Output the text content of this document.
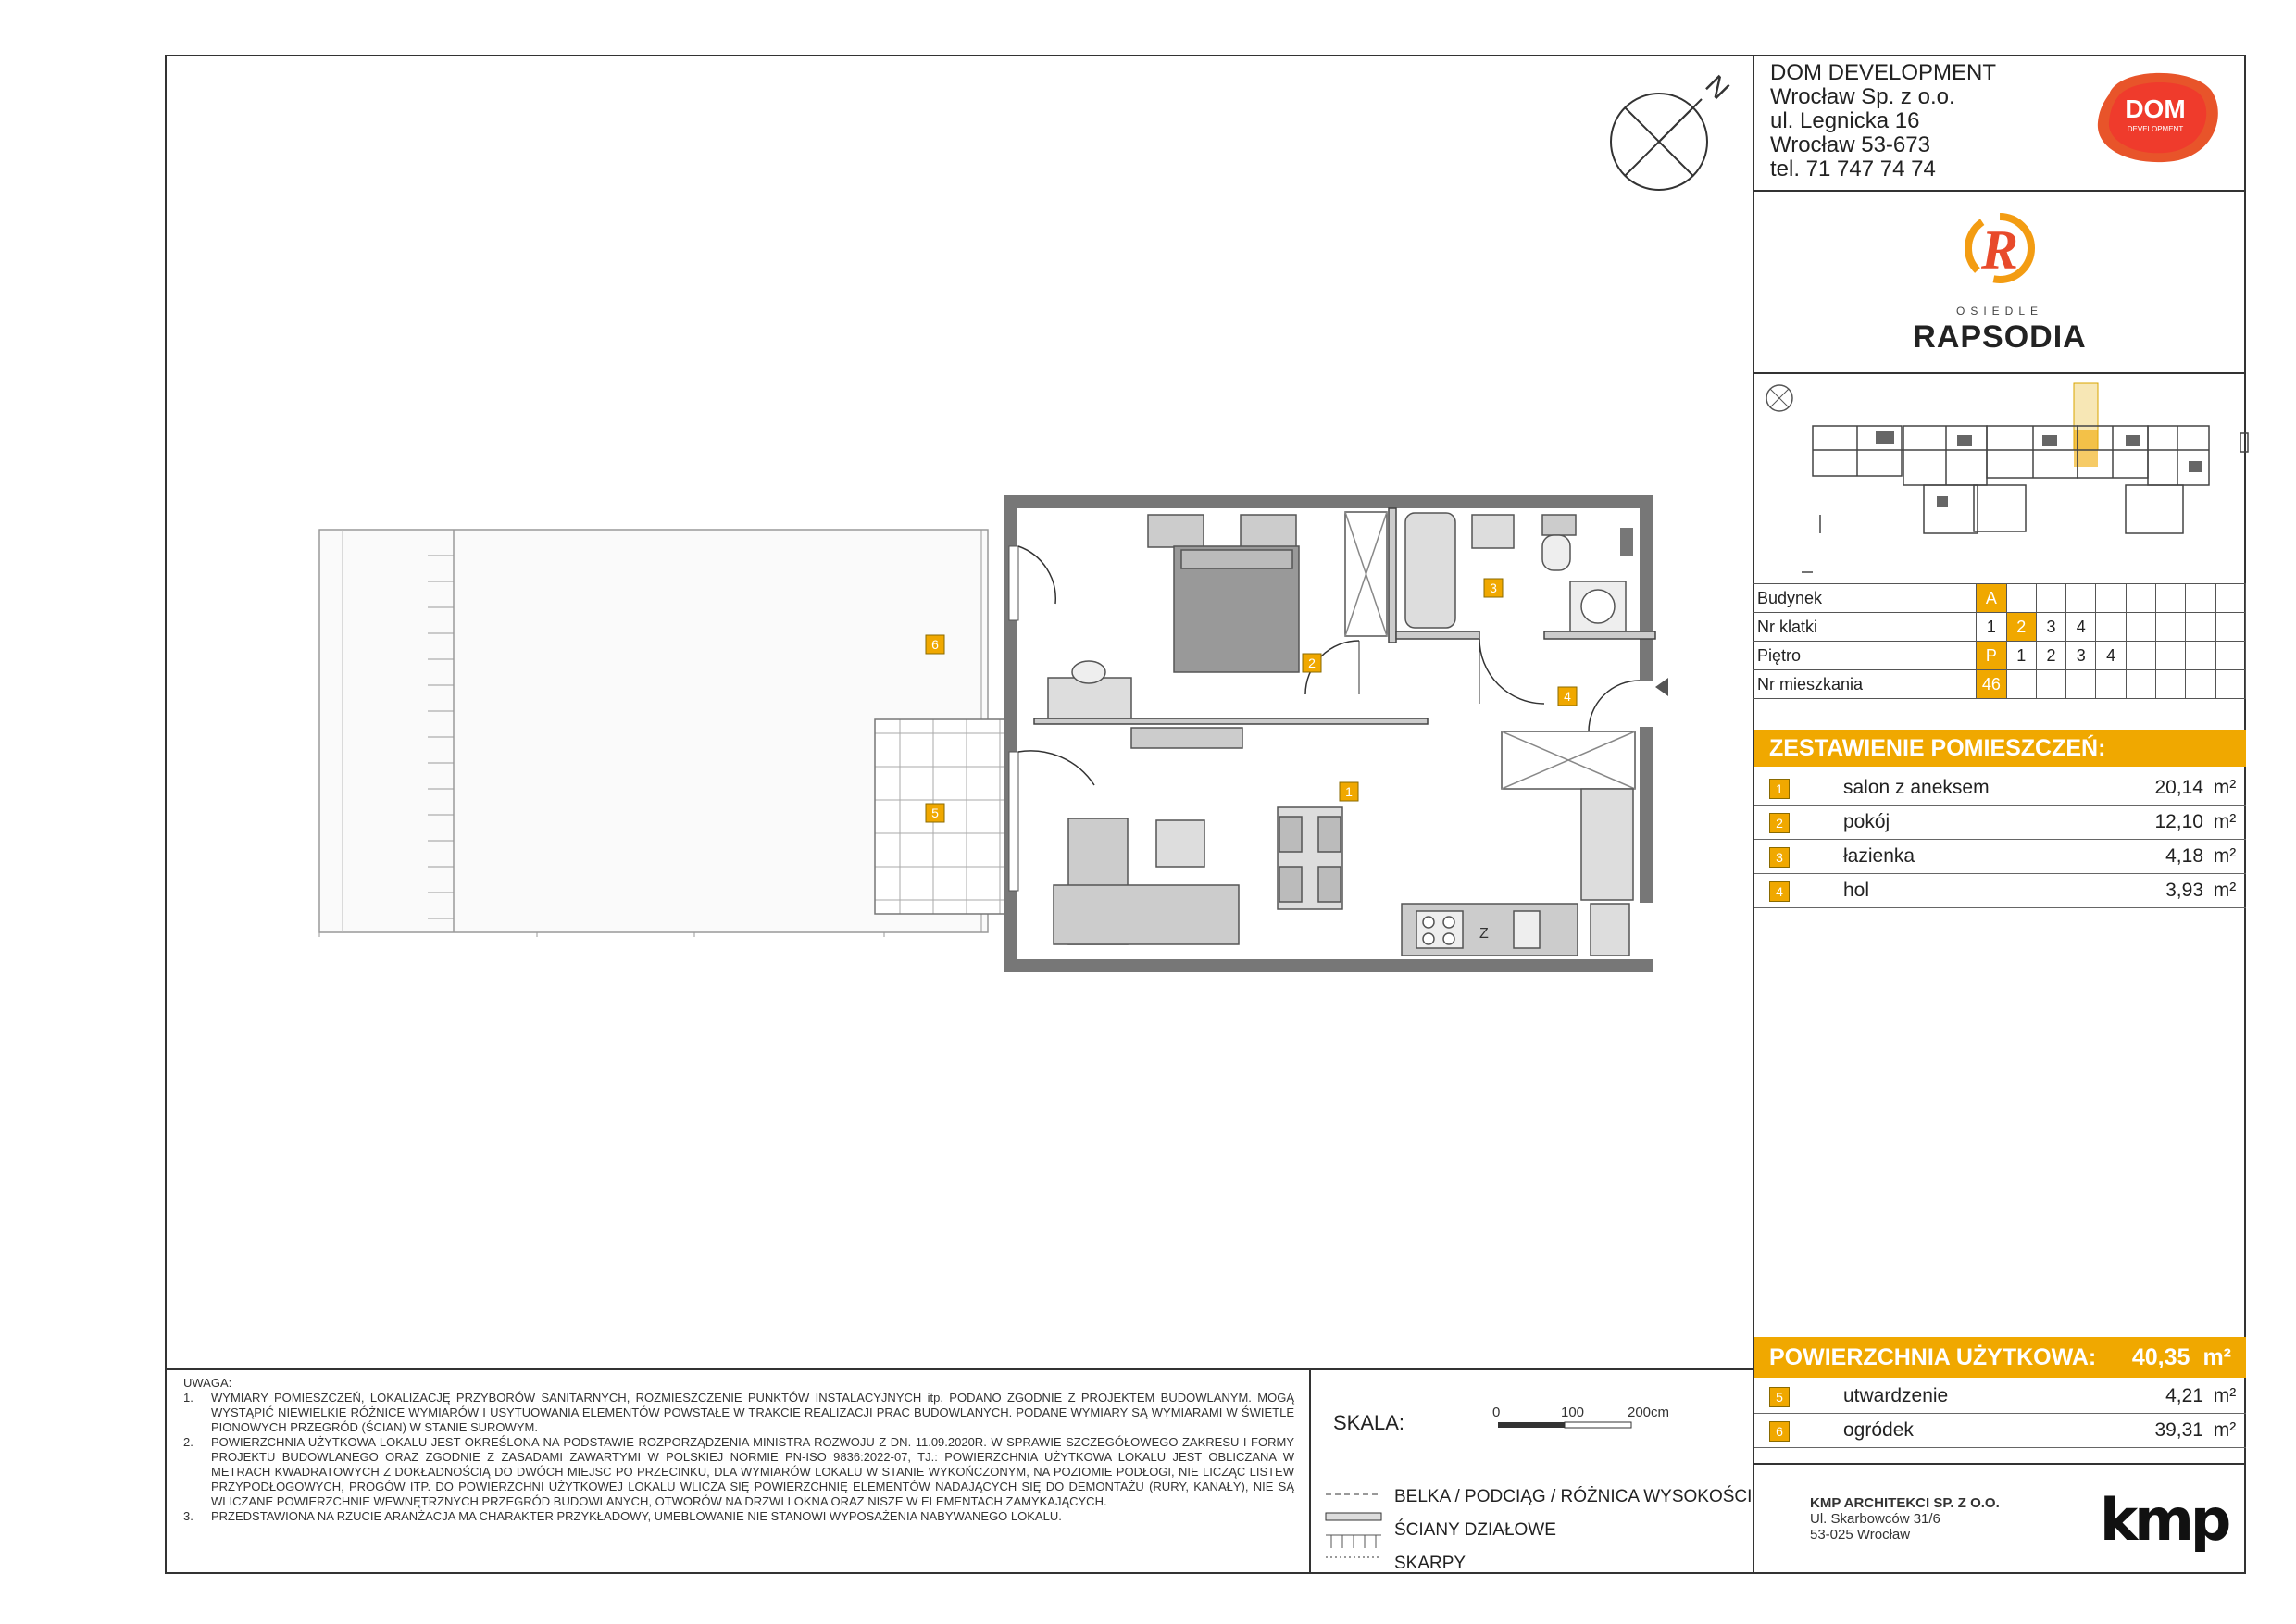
DOM DEVELOPMENT
Wrocław Sp. z o.o.
ul. Legnicka 16
Wrocław 53-673
tel. 71 747 74 74
DOM
DEVELOPMENT
R
OSIEDLE
RAPSODIA
N
Budynek	A								
Nr klatki	1	2	3	4					
Piętro	P	1	2	3	4				
Nr mieszkania	46								
ZESTAWIENIE POMIESZCZEŃ:
1	salon z aneksem	20,14 m²
2	pokój	12,10 m²
3	łazienka	4,18 m²
4	hol	3,93 m²
POWIERZCHNIA UŻYTKOWA:	40,35 m²
5	utwardzenie	4,21 m²
6	ogródek	39,31 m²
UWAGA:
1.	WYMIARY POMIESZCZEŃ, LOKALIZACJĘ PRZYBORÓW SANITARNYCH, ROZMIESZCZENIE PUNKTÓW INSTALACYJNYCH itp. PODANO ZGODNIE Z PROJEKTEM BUDOWLANYM. MOGĄ WYSTĄPIĆ NIEWIELKIE RÓŻNICE WYMIARÓW I USYTUOWANIA ELEMENTÓW POWSTAŁE W TRAKCIE REALIZACJI PRAC BUDOWLANYCH. PODANE WYMIARY SĄ WYMIARAMI W ŚWIETLE PIONOWYCH PRZEGRÓD (ŚCIAN) W STANIE SUROWYM.
2.	POWIERZCHNIA UŻYTKOWA LOKALU JEST OKREŚLONA NA PODSTAWIE ROZPORZĄDZENIA MINISTRA ROZWOJU Z DN. 11.09.2020R. W SPRAWIE SZCZEGÓŁOWEGO ZAKRESU I FORMY PROJEKTU BUDOWLANEGO ORAZ ZGODNIE Z ZASADAMI ZAWARTYMI W POLSKIEJ NORMIE PN-ISO 9836:2022-07, TJ.: POWIERZCHNIA UŻYTKOWA LOKALU JEST OBLICZANA W METRACH KWADRATOWYCH Z DOKŁADNOŚCIĄ DO DWÓCH MIEJSC PO PRZECINKU, DLA WYMIARÓW LOKALU W STANIE WYKOŃCZONYM, NA POZIOMIE PODŁOGI, NIE LICZĄC LISTEW PRZYPODŁOGOWYCH, PROGÓW ITP. DO POWIERZCHNI UŻYTKOWEJ LOKALU WLICZA SIĘ POWIERZCHNIĘ ELEMENTÓW NADAJĄCYCH SIĘ DO DEMONTAŻU (RURY, KANAŁY), NIE SĄ WLICZANE POWIERZCHNIE WEWNĘTRZNYCH PRZEGRÓD BUDOWLANYCH, OTWORÓW NA DRZWI I OKNA ORAZ NISZE W ELEMENTACH ZAMYKAJĄCYCH.
3.	PRZEDSTAWIONA NA RZUCIE ARANŻACJA MA CHARAKTER PRZYKŁADOWY, UMEBLOWANIE NIE STANOWI WYPOSAŻENIA NABYWANEGO LOKALU.
SKALA:	0	100	200cm
BELKA / PODCIĄG / RÓŻNICA WYSOKOŚCI
ŚCIANY DZIAŁOWE
SKARPY
KMP ARCHITEKCI SP. Z O.O.
Ul. Skarbowców 31/6
53-025 Wrocław	kmp
Z
1
2
3
4
5
6
